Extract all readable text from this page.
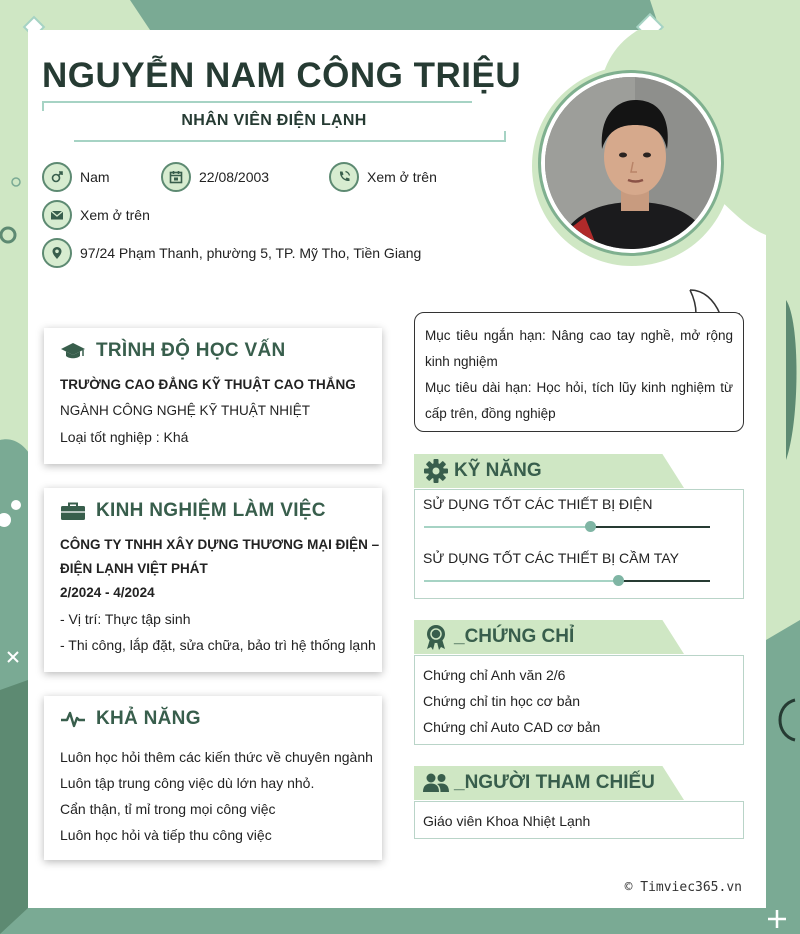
NGUYỄN NAM CÔNG TRIỆU
NHÂN VIÊN ĐIỆN LẠNH
Nam	22/08/2003	Xem ở trên
Xem ở trên
97/24 Phạm Thanh, phường 5, TP. Mỹ Tho, Tiền Giang
TRÌNH ĐỘ HỌC VẤN
TRƯỜNG CAO ĐẲNG KỸ THUẬT CAO THẮNG
NGÀNH CÔNG NGHỆ KỸ THUẬT NHIỆT
Loại tốt nghiệp : Khá
KINH NGHIỆM LÀM VIỆC
CÔNG TY TNHH XÂY DỰNG THƯƠNG MẠI ĐIỆN –
ĐIỆN LẠNH VIỆT PHÁT
2/2024 - 4/2024
- Vị trí: Thực tập sinh
- Thi công, lắp đặt, sửa chữa, bảo trì hệ thống lạnh
KHẢ NĂNG
Luôn học hỏi thêm các kiến thức về chuyên ngành
Luôn tập trung công việc dù lớn hay nhỏ.
Cẩn thận, tỉ mỉ trong mọi công việc
Luôn học hỏi và tiếp thu công việc

Mục tiêu ngắn hạn: Nâng cao tay nghề, mở rộng kinh nghiệm

Mục tiêu dài hạn: Học hỏi, tích lũy kinh nghiệm từ cấp trên, đồng nghiệp

KỸ NĂNG
SỬ DỤNG TỐT CÁC THIẾT BỊ ĐIỆN
SỬ DỤNG TỐT CÁC THIẾT BỊ CẦM TAY
_CHỨNG CHỈ
Chứng chỉ Anh văn 2/6
Chứng chỉ tin học cơ bản
Chứng chỉ Auto CAD cơ bản
_NGƯỜI THAM CHIẾU
Giáo viên Khoa Nhiệt Lạnh
© Timviec365.vn
